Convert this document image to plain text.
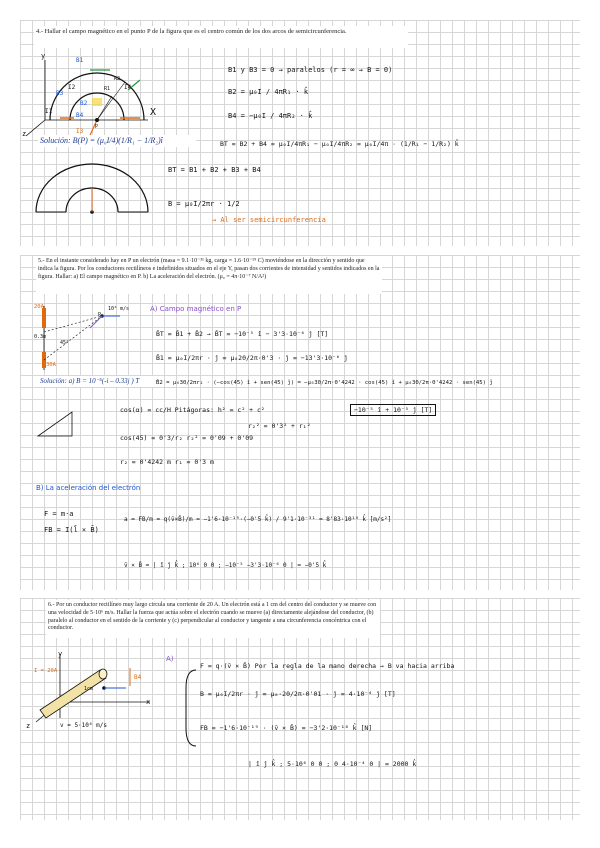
4.- Hallar el campo magnético en el punto P de la figura que es el centro común de los dos arcos de semicircunferencia.
y
X
z
B1
B2
B3
B4
I1
I2
I3
I4
R1
R2
P
Solución: B(P) = (μ₀I/4)(1/R₁ − 1/R₂)î
B1 y B3 = 0 → paralelos (r = ∞ → B = 0)
B2 = μ₀I / 4πR₁ · k̂
B4 = −μ₀I / 4πR₂ · k̂
BT = B2 + B4 = μ₀I/4πR₁ − μ₀I/4πR₂ = μ₀I/4π · (1/R₁ − 1/R₂) k̂
BT = B1 + B2 + B3 + B4
B = μ₀I/2πr · 1/2
→ Al ser semicircunferencia
5.- En el instante considerado hay en P un electrón (masa = 9.1·10⁻³¹ kg, carga = 1.6·10⁻¹⁹ C) moviéndose en la dirección y sentido que indica la figura. Por los conductores rectilíneos e indefinidos situados en el eje Y, pasan dos corrientes de intensidad y sentidos indicados en la figura. Hallar: a) El campo magnético en P. b) La aceleración del electrón. (μ₀ = 4π·10⁻⁷ N/A²)
20A
30A
10⁶ m/s
0.3m
45°
P
Solución: a) B = 10⁻⁵(-i – 0.33j ) T
A) Campo magnético en P
B̄T = B̄1 + B̄2 → B̄T = −10⁻⁵ î − 3'3·10⁻⁶ ĵ [T]
B̄1 = μ₀I/2πr · ĵ = μ₀20/2π·0'3 · ĵ = −13'3·10⁻⁶ ĵ
B̄2 = μ₀30/2πr₂ · (−cos(45) î + sen(45) ĵ) = −μ₀30/2π·0'4242 · cos(45) î + μ₀30/2π·0'4242 · sen(45) ĵ
cos(α) = cc/H Pitágoras: h² = c² + c²
r₂² = 0'3² + r₁²
cos(45) = 0'3/r₂ r₂² = 0'09 + 0'09
r₂ = 0'4242 m r₁ = 0'3 m
−10⁻⁵ î + 10⁻⁵ ĵ [T]
B) La aceleración del electrón
F = m·a
FB = I(l̄ × B̄)
a = FB/m = q(v̄×B̄)/m = −1'6·10⁻¹⁹·(−0'5 k̂) / 9'1·10⁻³¹ = 8'83·10¹⁰ k̂ [m/s²]
v̄ × B̄ = | î ĵ k̂ ; 10⁶ 0 0 ; −10⁻⁵ −3'3·10⁻⁶ 0 | = −0'5 k̂
6.- Por un conductor rectilíneo muy largo circula una corriente de 20 A. Un electrón está a 1 cm del centro del conductor y se mueve con una velocidad de 5·10⁶ m/s. Hallar la fuerza que actúa sobre el electrón cuando se mueve (a) directamente alejándose del conductor, (b) paralelo al conductor en el sentido de la corriente y (c) perpendicular al conductor y tangente a una circunferencia concéntrica con el conductor.
y
x
z
I = 20A
v = 5·10⁶ m/s
B4
1cm
A)
F = q·(v̄ × B̄) Por la regla de la mano derecha → B va hacia arriba
B = μ₀I/2πr · ĵ = μ₀·20/2π·0'01 · ĵ = 4·10⁻⁴ ĵ [T]
FB = −1'6·10⁻¹⁹ · (v̄ × B̄) = −3'2·10⁻¹⁸ k̂ [N]
| î ĵ k̂ ; 5·10⁶ 0 0 ; 0 4·10⁻⁴ 0 | = 2000 k̂
